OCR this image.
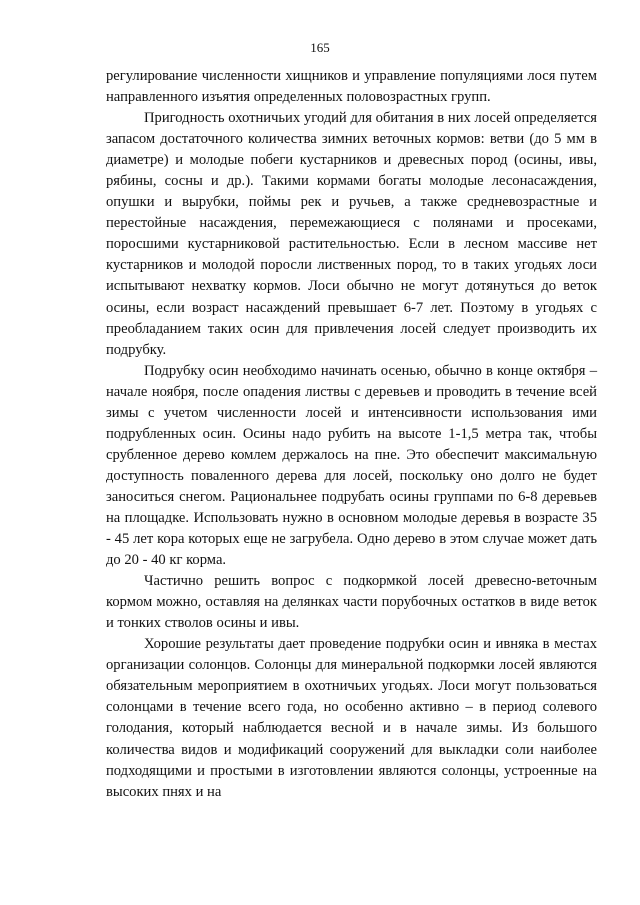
165

регулирование численности хищников и управление популяциями лося путем направленного изъятия определенных половозрастных групп.

Пригодность охотничьих угодий для обитания в них лосей определяется запасом достаточного количества зимних веточных кормов: ветви (до 5 мм в диаметре) и молодые побеги кустарников и древесных пород (осины, ивы, рябины, сосны и др.). Такими кормами богаты молодые лесонасаждения, опушки и вырубки, поймы рек и ручьев, а также средневозрастные и перестойные насаждения, перемежающиеся с полянами и просеками, поросшими кустарниковой растительностью. Если в лесном массиве нет кустарников и молодой поросли лиственных пород, то в таких угодьях лоси испытывают нехватку кормов. Лоси обычно не могут дотянуться до веток осины, если возраст насаждений превышает 6-7 лет. Поэтому в угодьях с преобладанием таких осин для привлечения лосей следует производить их подрубку.

Подрубку осин необходимо начинать осенью, обычно в конце октября – начале ноября, после опадения листвы с деревьев и проводить в течение всей зимы с учетом численности лосей и интенсивности использования ими подрубленных осин. Осины надо рубить на высоте 1-1,5 метра так, чтобы срубленное дерево комлем держалось на пне. Это обеспечит максимальную доступность поваленного дерева для лосей, поскольку оно долго не будет заноситься снегом. Рациональнее подрубать осины группами по 6-8 деревьев на площадке. Использовать нужно в основном молодые деревья в возрасте 35 - 45 лет кора которых еще не загрубела. Одно дерево в этом случае может дать до 20 - 40 кг корма.

Частично решить вопрос с подкормкой лосей древесно-веточным кормом можно, оставляя на делянках части порубочных остатков в виде веток и тонких стволов осины и ивы.

Хорошие результаты дает проведение подрубки осин и ивняка в местах организации солонцов. Солонцы для минеральной подкормки лосей являются обязательным мероприятием в охотничьих угодьях. Лоси могут пользоваться солонцами в течение всего года, но особенно активно – в период солевого голодания, который наблюдается весной и в начале зимы. Из большого количества видов и модификаций сооружений для выкладки соли наиболее подходящими и простыми в изготовлении являются солонцы, устроенные на высоких пнях и на
